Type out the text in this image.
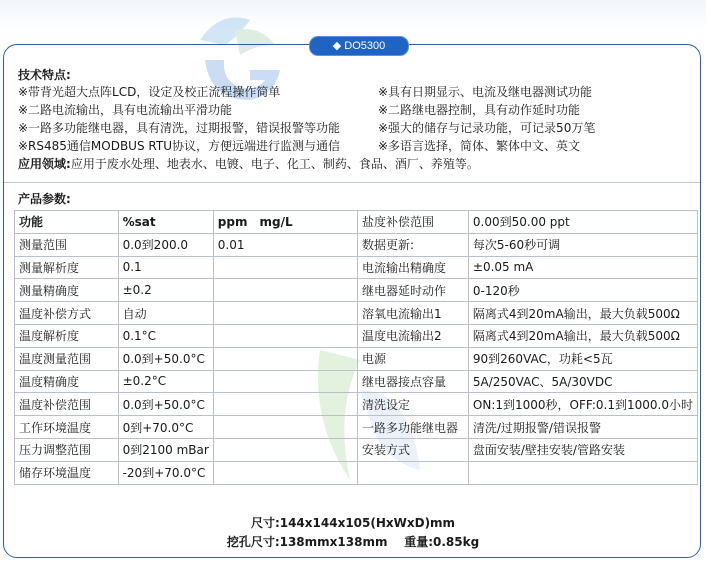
◆ DO5300
技术特点:
※带背光超大点阵LCD，设定及校正流程操作简单
※二路电流输出，具有电流输出平滑功能
※一路多功能继电器，具有清洗，过期报警，错误报警等功能
※RS485通信MODBUS RTU协议，方便远端进行监测与通信
※具有日期显示、电流及继电器测试功能
※二路继电器控制，具有动作延时功能
※强大的储存与记录功能，可记录50万笔
※多语言选择，简体、繁体中文、英文
应用领域:应用于废水处理、地表水、电镀、电子、化工、制药、食品、酒厂、养殖等。
产品参数:
功能	%sat	ppm　mg/L	盐度补偿范围	0.00到50.00 ppt
测量范围	0.0到200.0	0.01	数据更新:	每次5-60秒可调
测量解析度	0.1		电流输出精确度	±0.05 mA
测量精确度	±0.2		继电器延时动作	0-120秒
温度补偿方式	自动		溶氧电流输出1	隔离式4到20mA输出，最大负载500Ω
温度解析度	0.1°C		温度电流输出2	隔离式4到20mA输出，最大负载500Ω
温度测量范围	0.0到+50.0°C		电源	90到260VAC，功耗<5瓦
温度精确度	±0.2°C		继电器接点容量	5A/250VAC、5A/30VDC
温度补偿范围	0.0到+50.0°C		清洗设定	ON:1到1000秒，OFF:0.1到1000.0小时
工作环境温度	0到+70.0°C		一路多功能继电器	清洗/过期报警/错误报警
压力调整范围	0到2100 mBar		安装方式	盘面安装/壁挂安装/管路安装
储存环境温度	-20到+70.0°C			
尺寸:144x144x105(HxWxD)mm
挖孔尺寸:138mmx138mm 重量:0.85kg
